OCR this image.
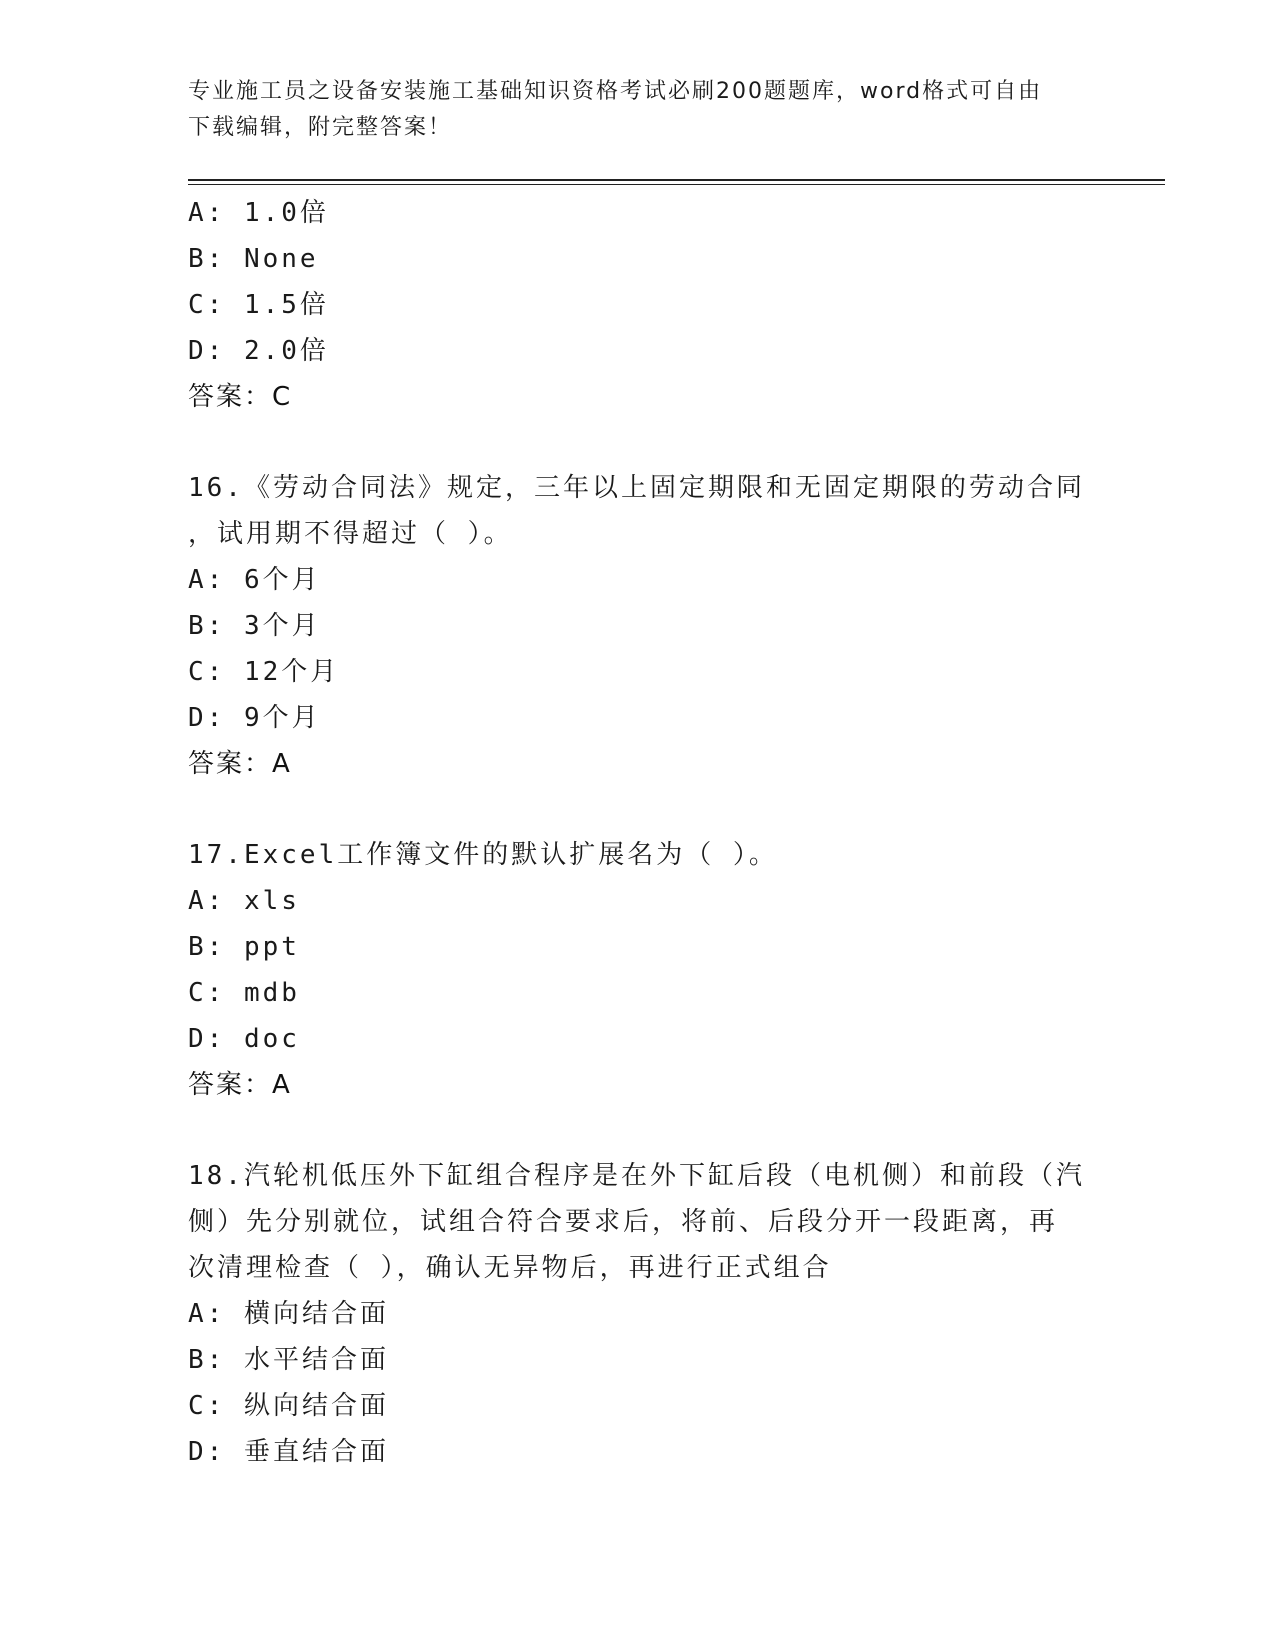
专业施工员之设备安装施工基础知识资格考试必刷200题题库，word格式可自由
下载编辑，附完整答案！
A: 1.0倍
B: None
C: 1.5倍
D: 2.0倍
答案：C
16.《劳动合同法》规定，三年以上固定期限和无固定期限的劳动合同
，试用期不得超过（ ）。
A: 6个月
B: 3个月
C: 12个月
D: 9个月
答案：A
17.Excel工作簿文件的默认扩展名为（ ）。
A: xls
B: ppt
C: mdb
D: doc
答案：A
18.汽轮机低压外下缸组合程序是在外下缸后段（电机侧）和前段（汽
侧）先分别就位，试组合符合要求后，将前、后段分开一段距离，再
次清理检查（ ），确认无异物后，再进行正式组合
A: 横向结合面
B: 水平结合面
C: 纵向结合面
D: 垂直结合面
